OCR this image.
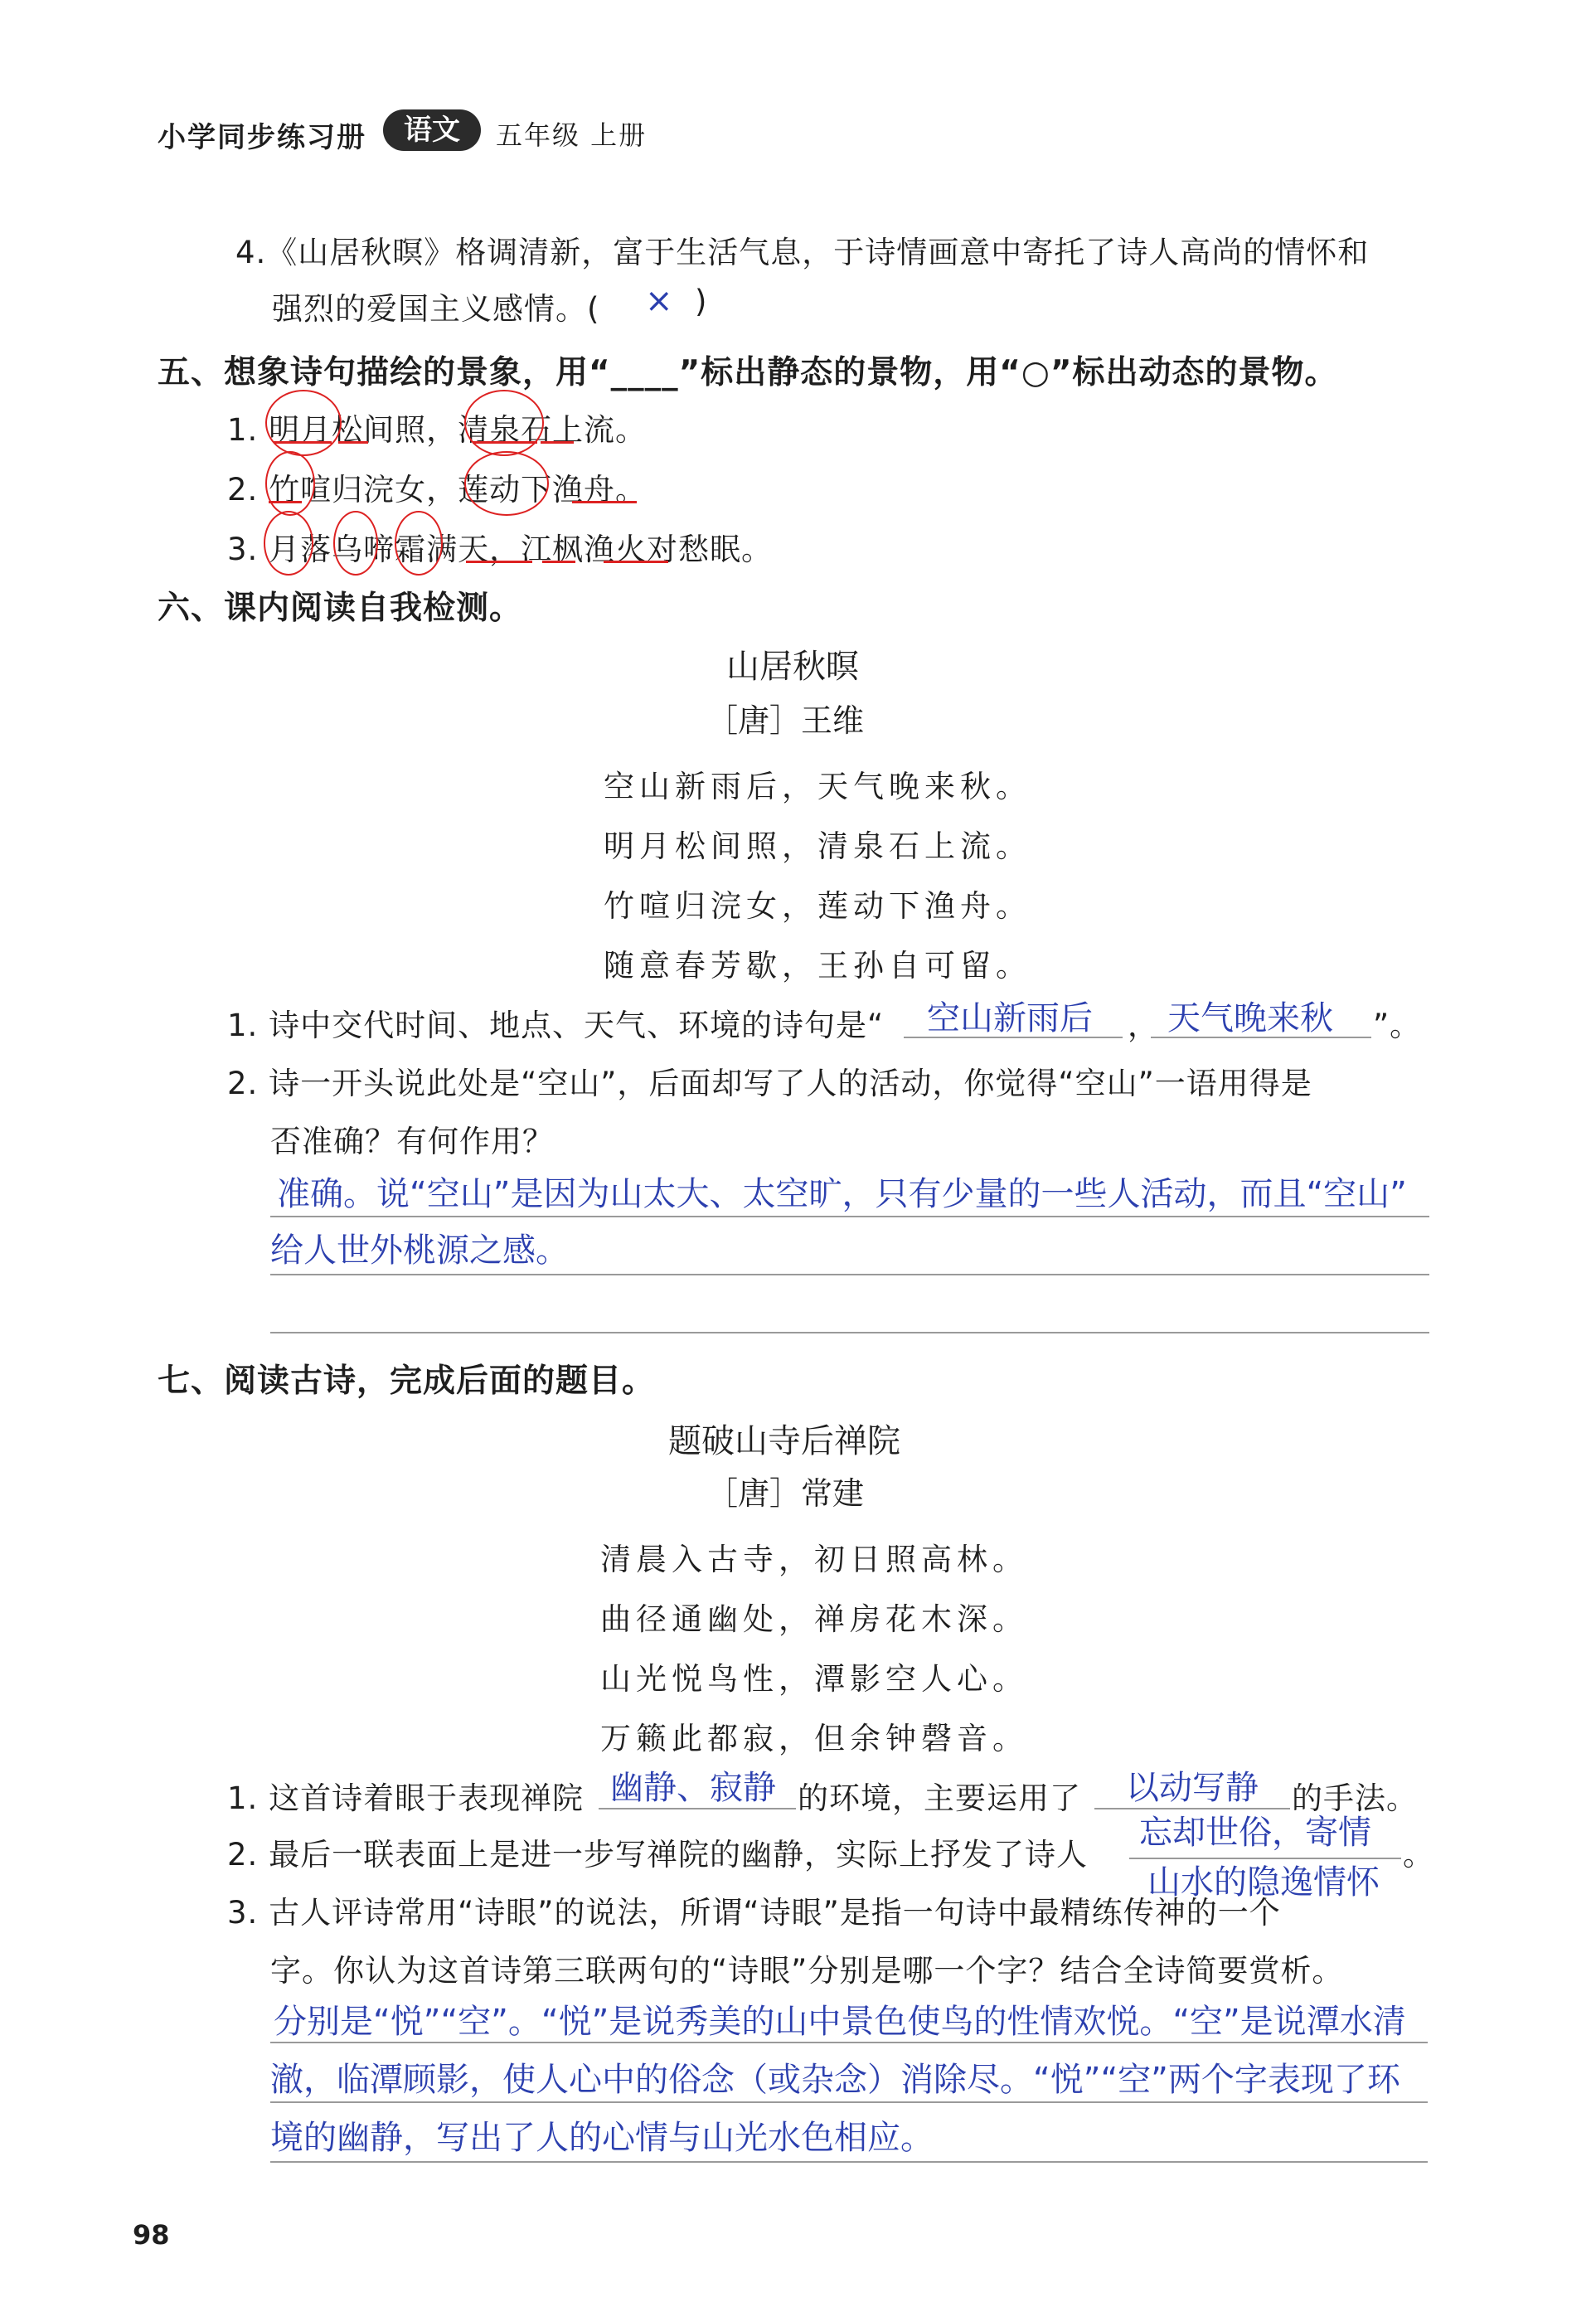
小学同步练习册	语文	五年级 上册
4.《山居秋暝》格调清新，富于生活气息，于诗情画意中寄托了诗人高尚的情怀和
强烈的爱国主义感情。( × )
五、想象诗句描绘的景象，用“____”标出静态的景物，用“○”标出动态的景物。
1. 明月松间照，清泉石上流。
2. 竹喧归浣女，莲动下渔舟。
3. 月落乌啼霜满天，江枫渔火对愁眠。
六、课内阅读自我检测。
山居秋暝
［唐］王维
空山新雨后，天气晚来秋。
明月松间照，清泉石上流。
竹喧归浣女，莲动下渔舟。
随意春芳歇，王孙自可留。
1. 诗中交代时间、地点、天气、环境的诗句是“ 空山新雨后 ， 天气晚来秋 ”。
2. 诗一开头说此处是“空山”，后面却写了人的活动，你觉得“空山”一语用得是
否准确？有何作用？
准确。说“空山”是因为山太大、太空旷，只有少量的一些人活动，而且“空山”
给人世外桃源之感。
七、阅读古诗，完成后面的题目。
题破山寺后禅院
［唐］常建
清晨入古寺，初日照高林。
曲径通幽处，禅房花木深。
山光悦鸟性，潭影空人心。
万籁此都寂，但余钟磬音。
1. 这首诗着眼于表现禅院 幽静、寂静 的环境，主要运用了 以动写静 的手法。
2. 最后一联表面上是进一步写禅院的幽静，实际上抒发了诗人
忘却世俗，寄情
山水的隐逸情怀
。
3. 古人评诗常用“诗眼”的说法，所谓“诗眼”是指一句诗中最精练传神的一个
字。你认为这首诗第三联两句的“诗眼”分别是哪一个字？结合全诗简要赏析。
分别是“悦”“空”。“悦”是说秀美的山中景色使鸟的性情欢悦。“空”是说潭水清
澈，临潭顾影，使人心中的俗念（或杂念）消除尽。“悦”“空”两个字表现了环
境的幽静，写出了人的心情与山光水色相应。
98
